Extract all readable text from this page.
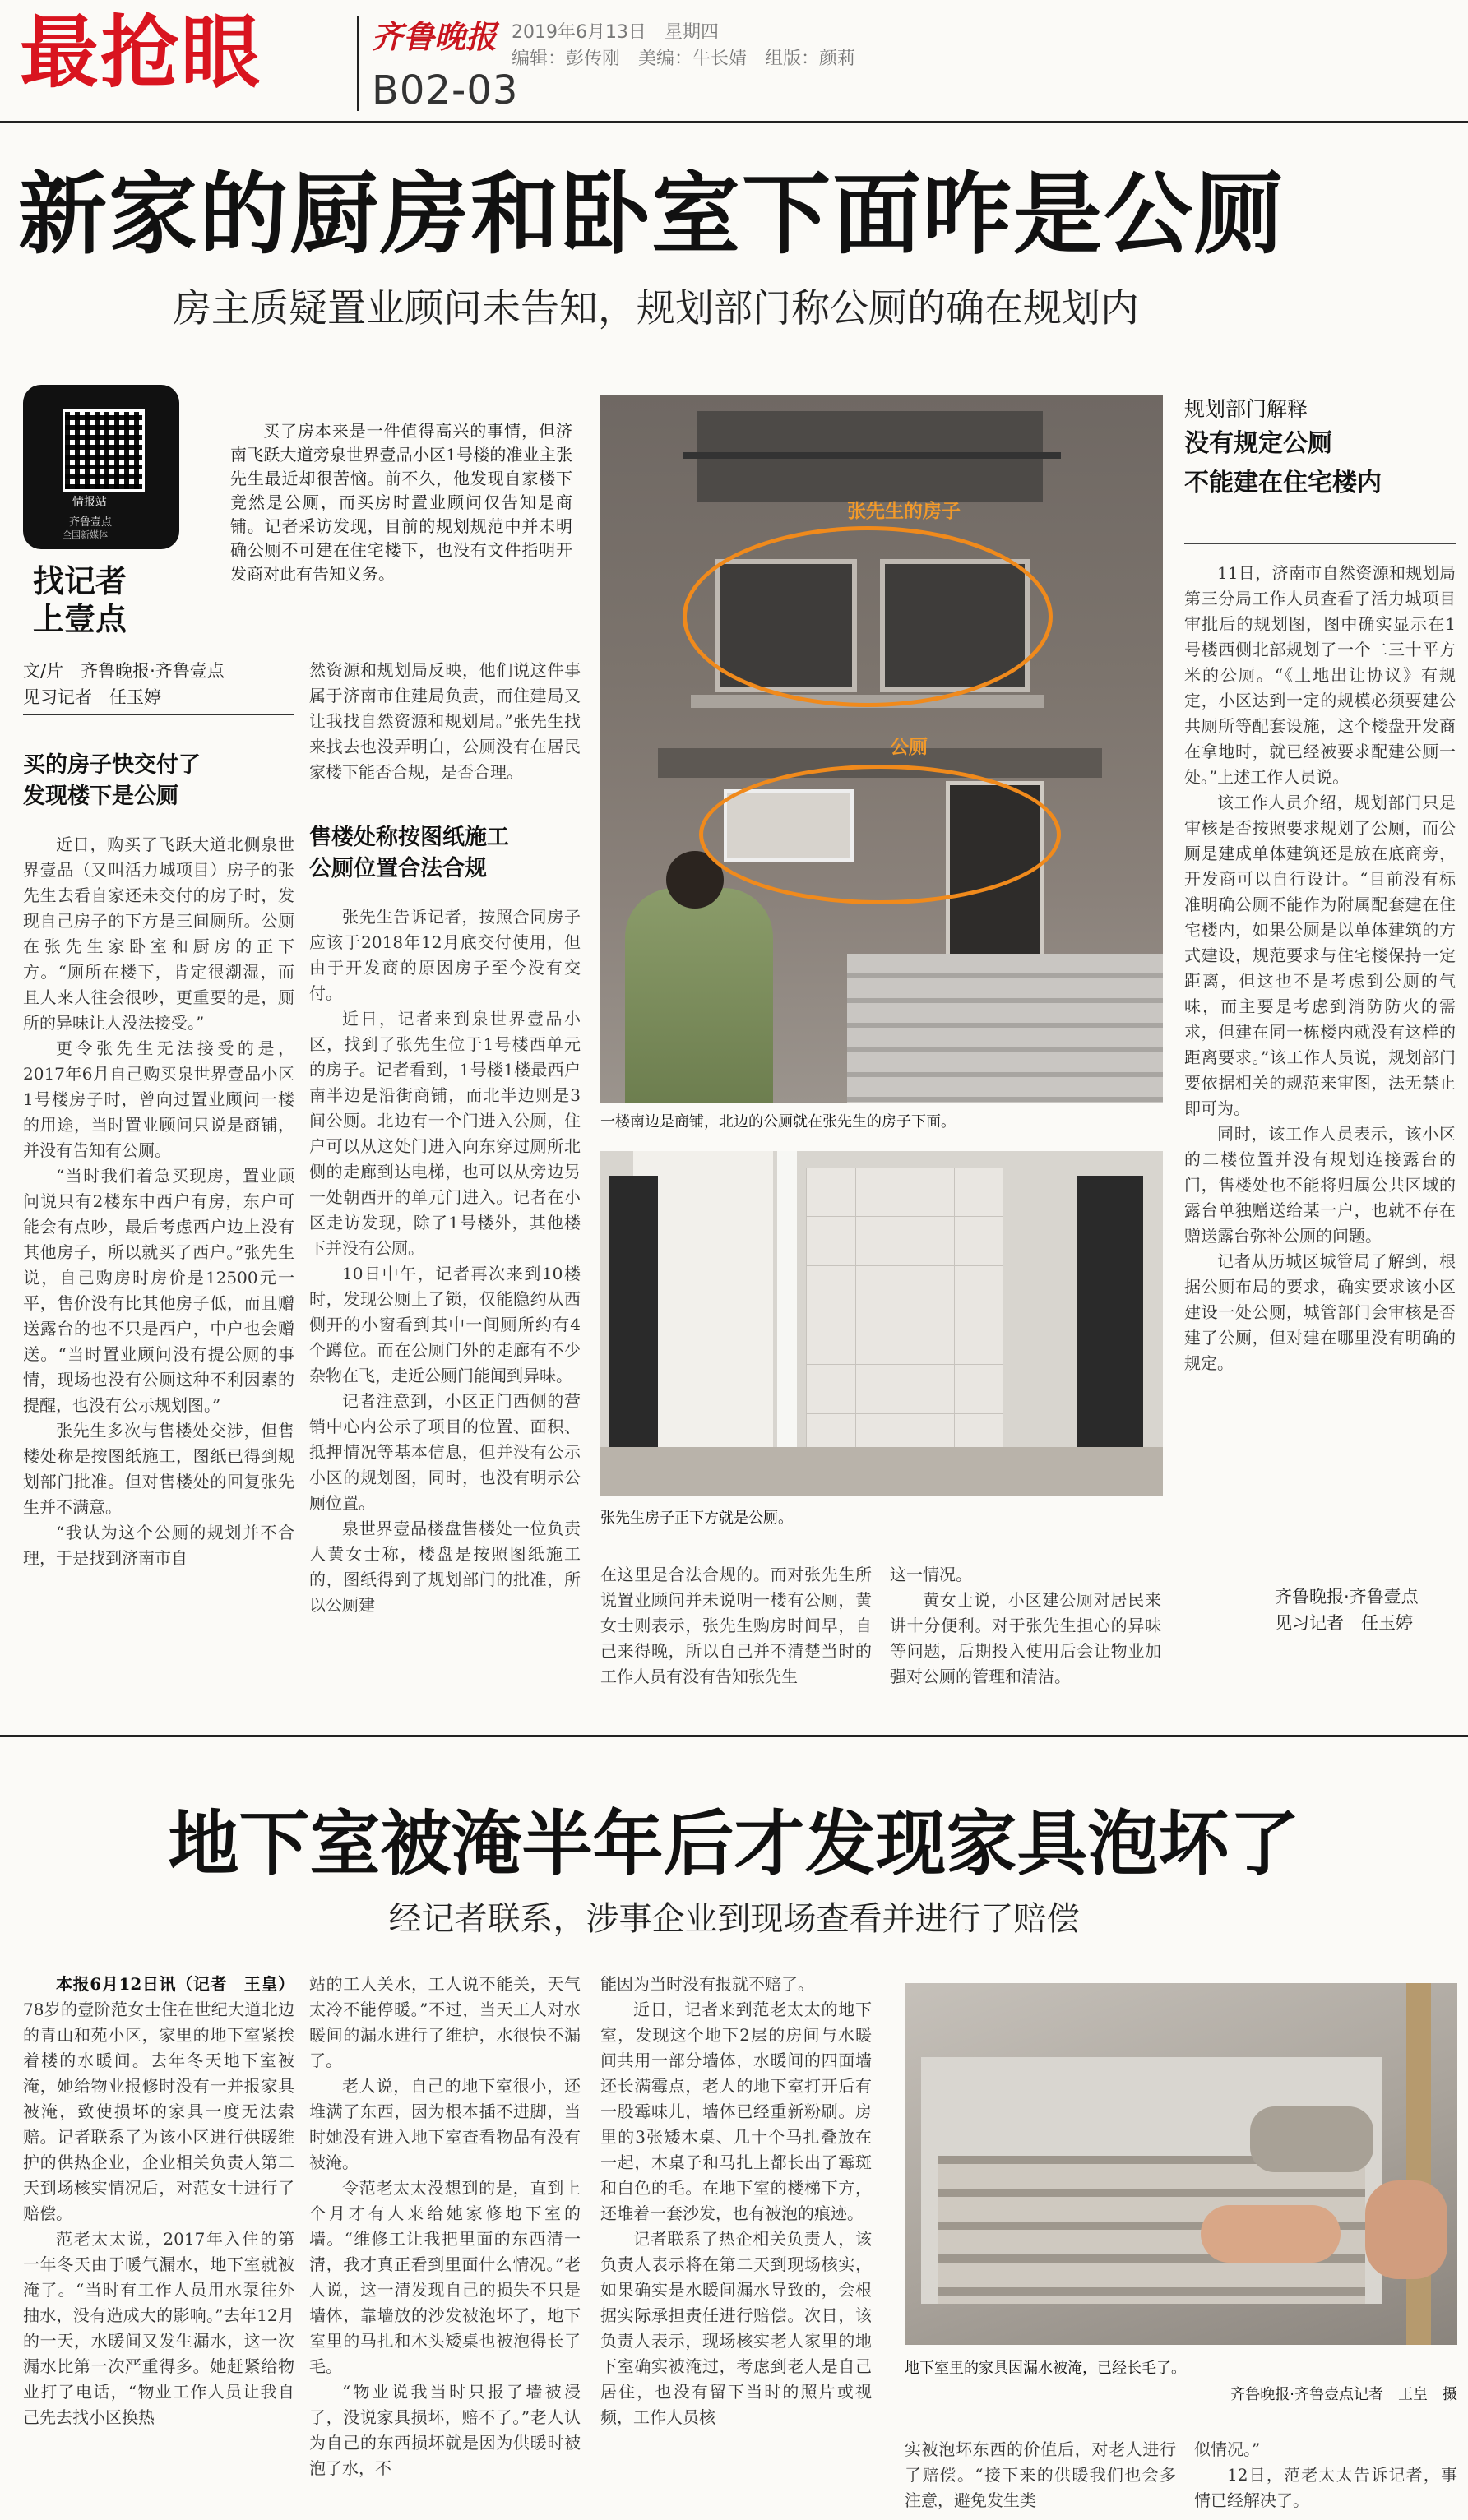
最抢眼	齐鲁晚报 2019年6月13日　星期四
编辑：彭传刚　美编：牛长婧　组版：颜莉
B02-03
新家的厨房和卧室下面咋是公厕
房主质疑置业顾问未告知，规划部门称公厕的确在规划内
情报站
齐鲁壹点
全国新媒体
找记者
上壹点

买了房本来是一件值得高兴的事情，但济南飞跃大道旁泉世界壹品小区1号楼的准业主张先生最近却很苦恼。前不久，他发现自家楼下竟然是公厕，而买房时置业顾问仅告知是商铺。记者采访发现，目前的规划规范中并未明确公厕不可建在住宅楼下，也没有文件指明开发商对此有告知义务。

文/片　齐鲁晚报·齐鲁壹点
见习记者　任玉婷
买的房子快交付了
发现楼下是公厕

近日，购买了飞跃大道北侧泉世界壹品（又叫活力城项目）房子的张先生去看自家还未交付的房子时，发现自己房子的下方是三间厕所。公厕在张先生家卧室和厨房的正下方。“厕所在楼下，肯定很潮湿，而且人来人往会很吵，更重要的是，厕所的异味让人没法接受。”

更令张先生无法接受的是，2017年6月自己购买泉世界壹品小区1号楼房子时，曾向过置业顾问一楼的用途，当时置业顾问只说是商铺，并没有告知有公厕。

“当时我们着急买现房，置业顾问说只有2楼东中西户有房，东户可能会有点吵，最后考虑西户边上没有其他房子，所以就买了西户。”张先生说，自己购房时房价是12500元一平，售价没有比其他房子低，而且赠送露台的也不只是西户，中户也会赠送。“当时置业顾问没有提公厕的事情，现场也没有公厕这种不利因素的提醒，也没有公示规划图。”

张先生多次与售楼处交涉，但售楼处称是按图纸施工，图纸已得到规划部门批准。但对售楼处的回复张先生并不满意。

“我认为这个公厕的规划并不合理，于是找到济南市自

然资源和规划局反映，他们说这件事属于济南市住建局负责，而住建局又让我找自然资源和规划局。”张先生找来找去也没弄明白，公厕没有在居民家楼下能否合规，是否合理。

售楼处称按图纸施工
公厕位置合法合规

张先生告诉记者，按照合同房子应该于2018年12月底交付使用，但由于开发商的原因房子至今没有交付。

近日，记者来到泉世界壹品小区，找到了张先生位于1号楼西单元的房子。记者看到，1号楼1楼最西户南半边是沿街商铺，而北半边则是3间公厕。北边有一个门进入公厕，住户可以从这处门进入向东穿过厕所北侧的走廊到达电梯，也可以从旁边另一处朝西开的单元门进入。记者在小区走访发现，除了1号楼外，其他楼下并没有公厕。

10日中午，记者再次来到10楼时，发现公厕上了锁，仅能隐约从西侧开的小窗看到其中一间厕所约有4个蹲位。而在公厕门外的走廊有不少杂物在飞，走近公厕门能闻到异味。

记者注意到，小区正门西侧的营销中心内公示了项目的位置、面积、抵押情况等基本信息，但并没有公示小区的规划图，同时，也没有明示公厕位置。

泉世界壹品楼盘售楼处一位负责人黄女士称，楼盘是按照图纸施工的，图纸得到了规划部门的批准，所以公厕建

张先生的房子
公厕
一楼南边是商铺，北边的公厕就在张先生的房子下面。
张先生房子正下方就是公厕。

在这里是合法合规的。而对张先生所说置业顾问并未说明一楼有公厕，黄女士则表示，张先生购房时间早，自己来得晚，所以自己并不清楚当时的工作人员有没有告知张先生

这一情况。

黄女士说，小区建公厕对居民来讲十分便利。对于张先生担心的异味等问题，后期投入使用后会让物业加强对公厕的管理和清洁。

规划部门解释
没有规定公厕
不能建在住宅楼内

11日，济南市自然资源和规划局第三分局工作人员查看了活力城项目审批后的规划图，图中确实显示在1号楼西侧北部规划了一个二三十平方米的公厕。“《土地出让协议》有规定，小区达到一定的规模必须要建公共厕所等配套设施，这个楼盘开发商在拿地时，就已经被要求配建公厕一处。”上述工作人员说。

该工作人员介绍，规划部门只是审核是否按照要求规划了公厕，而公厕是建成单体建筑还是放在底商旁，开发商可以自行设计。“目前没有标准明确公厕不能作为附属配套建在住宅楼内，如果公厕是以单体建筑的方式建设，规范要求与住宅楼保持一定距离，但这也不是考虑到公厕的气味，而主要是考虑到消防防火的需求，但建在同一栋楼内就没有这样的距离要求。”该工作人员说，规划部门要依据相关的规范来审图，法无禁止即可为。

同时，该工作人员表示，该小区的二楼位置并没有规划连接露台的门，售楼处也不能将归属公共区域的露台单独赠送给某一户，也就不存在赠送露台弥补公厕的问题。

记者从历城区城管局了解到，根据公厕布局的要求，确实要求该小区建设一处公厕，城管部门会审核是否建了公厕，但对建在哪里没有明确的规定。

齐鲁晚报·齐鲁壹点
见习记者　任玉婷
地下室被淹半年后才发现家具泡坏了
经记者联系，涉事企业到现场查看并进行了赔偿

本报6月12日讯（记者　王皇）78岁的壹阶范女士住在世纪大道北边的青山和苑小区，家里的地下室紧挨着楼的水暖间。去年冬天地下室被淹，她给物业报修时没有一并报家具被淹，致使损坏的家具一度无法索赔。记者联系了为该小区进行供暖维护的供热企业，企业相关负责人第二天到场核实情况后，对范女士进行了赔偿。

范老太太说，2017年入住的第一年冬天由于暖气漏水，地下室就被淹了。“当时有工作人员用水泵往外抽水，没有造成大的影响。”去年12月的一天，水暖间又发生漏水，这一次漏水比第一次严重得多。她赶紧给物业打了电话，“物业工作人员让我自己先去找小区换热

站的工人关水，工人说不能关，天气太冷不能停暖。”不过，当天工人对水暖间的漏水进行了维护，水很快不漏了。

老人说，自己的地下室很小，还堆满了东西，因为根本插不进脚，当时她没有进入地下室查看物品有没有被淹。

令范老太太没想到的是，直到上个月才有人来给她家修地下室的墙。“维修工让我把里面的东西清一清，我才真正看到里面什么情况。”老人说，这一清发现自己的损失不只是墙体，靠墙放的沙发被泡坏了，地下室里的马扎和木头矮桌也被泡得长了毛。

“物业说我当时只报了墙被浸了，没说家具损坏，赔不了。”老人认为自己的东西损坏就是因为供暖时被泡了水，不

能因为当时没有报就不赔了。

近日，记者来到范老太太的地下室，发现这个地下2层的房间与水暖间共用一部分墙体，水暖间的四面墙还长满霉点，老人的地下室打开后有一股霉味儿，墙体已经重新粉刷。房里的3张矮木桌、几十个马扎叠放在一起，木桌子和马扎上都长出了霉斑和白色的毛。在地下室的楼梯下方，还堆着一套沙发，也有被泡的痕迹。

记者联系了热企相关负责人，该负责人表示将在第二天到现场核实，如果确实是水暖间漏水导致的，会根据实际承担责任进行赔偿。次日，该负责人表示，现场核实老人家里的地下室确实被淹过，考虑到老人是自己居住，也没有留下当时的照片或视频，工作人员核

地下室里的家具因漏水被淹，已经长毛了。
齐鲁晚报·齐鲁壹点记者　王皇　摄

实被泡坏东西的价值后，对老人进行了赔偿。“接下来的供暖我们也会多注意，避免发生类

似情况。”

12日，范老太太告诉记者，事情已经解决了。
